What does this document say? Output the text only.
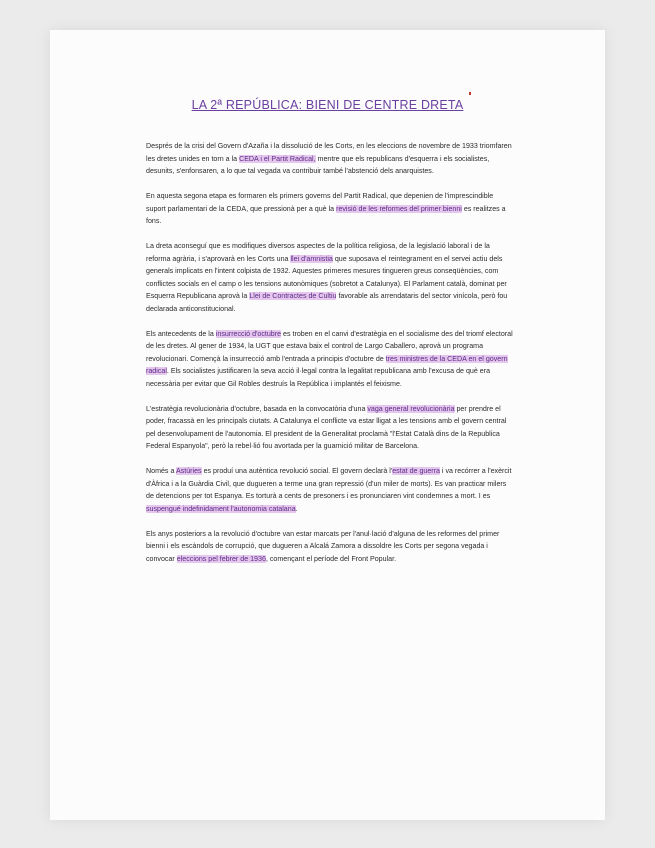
LA 2ª REPÚBLICA: BIENI DE CENTRE DRETA

Després de la crisi del Govern d'Azaña i la dissolució de les Corts, en les eleccions de novembre de 1933 triomfaren les dretes unides en torn a la CEDA i el Partit Radical, mentre que els republicans d'esquerra i els socialistes, desunits, s'enfonsaren, a lo que tal vegada va contribuir també l'abstenció dels anarquistes.

En aquesta segona etapa es formaren els primers governs del Partit Radical, que depenien de l'imprescindible suport parlamentari de la CEDA, que pressionà per a què la revisió de les reformes del primer bienni es realitzes a fons.

La dreta aconseguí que es modifiques diversos aspectes de la política religiosa, de la legislació laboral i de la reforma agrària, i s'aprovarà en les Corts una llei d'amnistia que suposava el reintegrament en el servei actiu dels generals implicats en l'intent colpista de 1932. Aquestes primeres mesures tingueren greus conseqüències, com conflictes socials en el camp o les tensions autonòmiques (sobretot a Catalunya). El Parlament català, dominat per Esquerra Republicana aprovà la Llei de Contractes de Cultiu favorable als arrendataris del sector vinícola, però fou declarada anticonstitucional.

Els antecedents de la insurrecció d'octubre es troben en el canvi d'estratègia en el socialisme des del triomf electoral de les dretes. Al gener de 1934, la UGT que estava baix el control de Largo Caballero, aprovà un programa revolucionari. Començà la insurrecció amb l'entrada a principis d'octubre de tres ministres de la CEDA en el govern radical. Els socialistes justificaren la seva acció il·legal contra la legalitat republicana amb l'excusa de què era necessària per evitar que Gil Robles destruís la República i implantés el feixisme.

L'estratègia revolucionària d'octubre, basada en la convocatòria d'una vaga general revolucionària per prendre el poder, fracassà en les principals ciutats. A Catalunya el conflicte va estar lligat a les tensions amb el govern central pel desenvolupament de l'autonomia. El president de la Generalitat proclamà "l'Estat Català dins de la Republica Federal Espanyola", però la rebel·lió fou avortada per la guarnició militar de Barcelona.

Només a Astúries es produí una autèntica revolució social. El govern declarà l'estat de guerra i va recórrer a l'exèrcit d'Àfrica i a la Guàrdia Civil, que dugueren a terme una gran repressió (d'un miler de morts). Es van practicar milers de detencions per tot Espanya. Es torturà a cents de presoners i es pronunciaren vint condemnes a mort. I es suspengué indefinidament l'autonomia catalana.

Els anys posteriors a la revolució d'octubre van estar marcats per l'anul·lació d'alguna de les reformes del primer bienni i els escàndols de corrupció, que dugueren a Alcalá Zamora a dissoldre les Corts per segona vegada i convocar eleccions pel febrer de 1936, començant el període del Front Popular.
